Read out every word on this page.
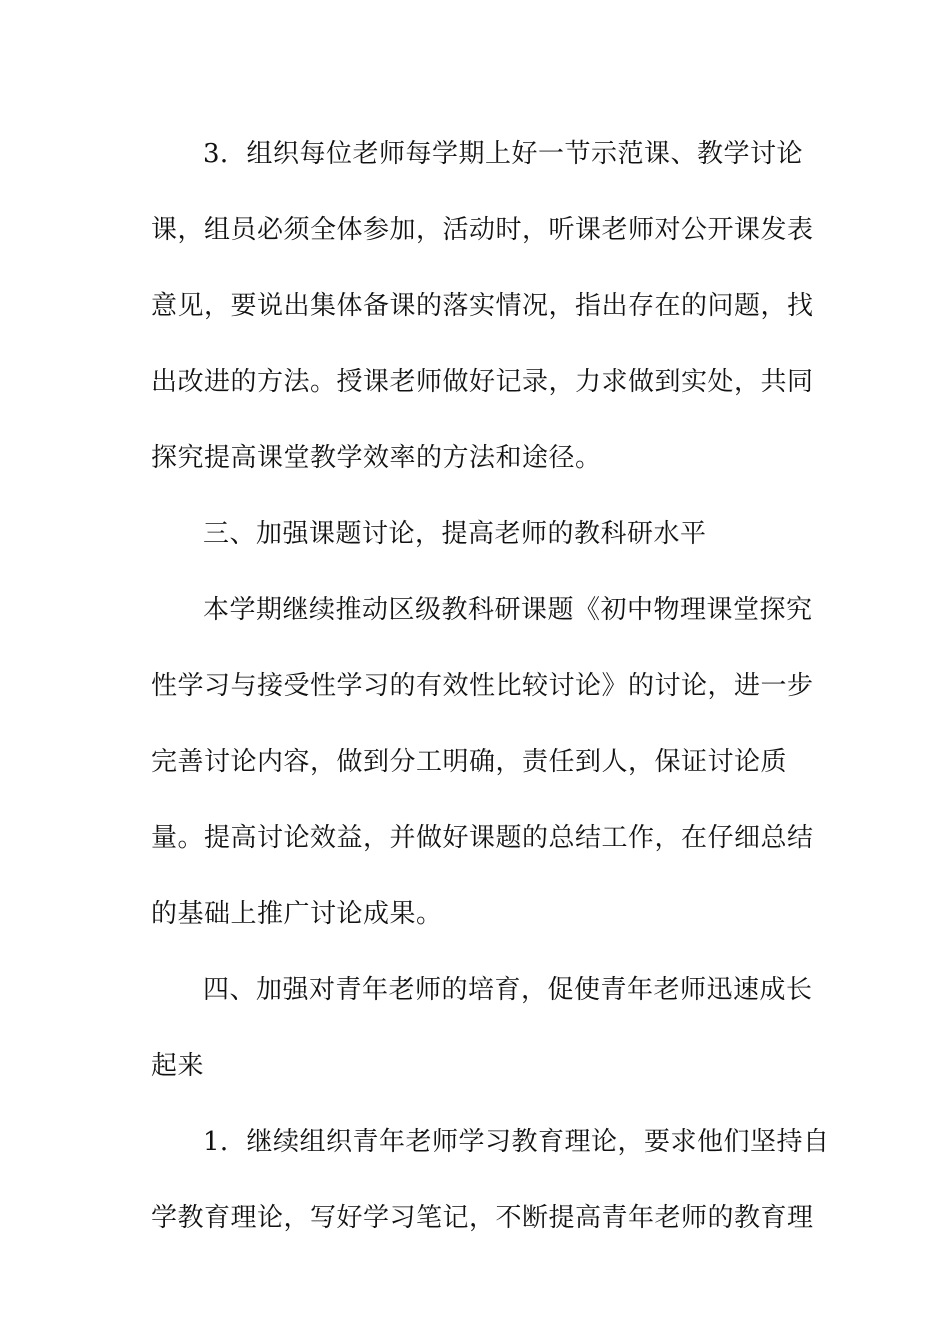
3．组织每位老师每学期上好一节示范课、教学讨论
课，组员必须全体参加，活动时，听课老师对公开课发表
意见，要说出集体备课的落实情况，指出存在的问题，找
出改进的方法。授课老师做好记录，力求做到实处，共同
探究提高课堂教学效率的方法和途径。
三、加强课题讨论，提高老师的教科研水平
本学期继续推动区级教科研课题《初中物理课堂探究
性学习与接受性学习的有效性比较讨论》的讨论，进一步
完善讨论内容，做到分工明确，责任到人，保证讨论质
量。提高讨论效益，并做好课题的总结工作，在仔细总结
的基础上推广讨论成果。
四、加强对青年老师的培育，促使青年老师迅速成长
起来
1．继续组织青年老师学习教育理论，要求他们坚持自
学教育理论，写好学习笔记，不断提高青年老师的教育理
